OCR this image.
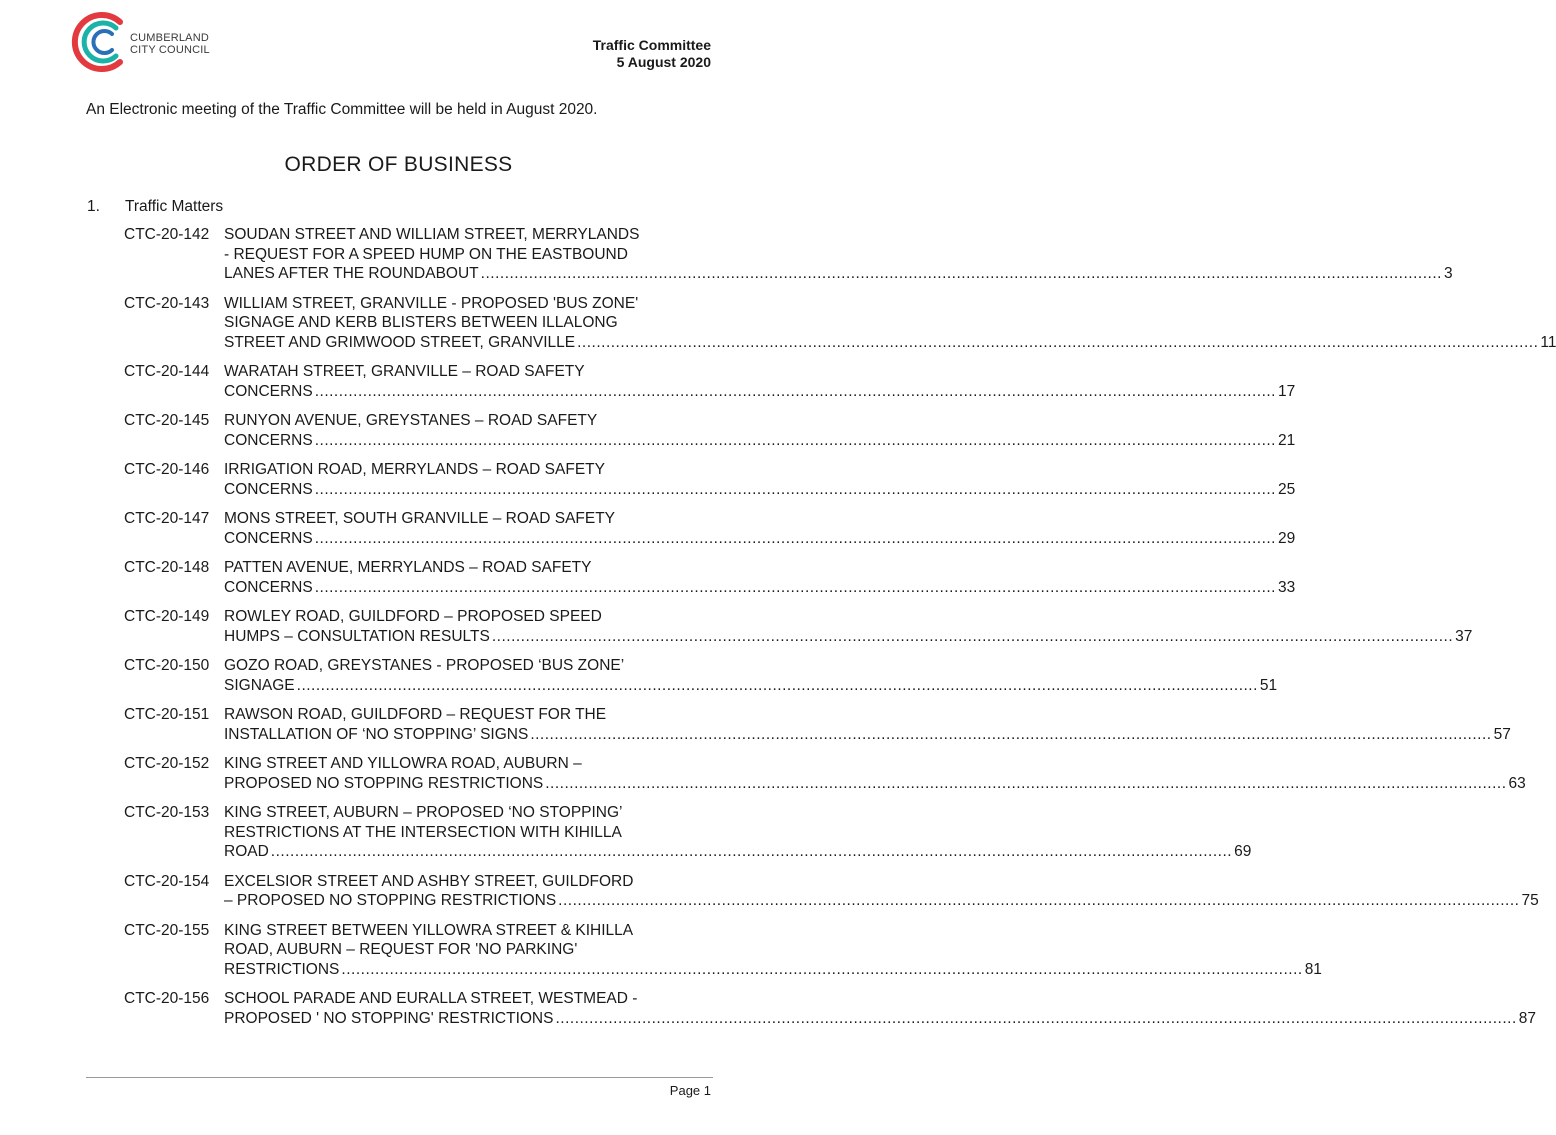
CUMBERLAND
CITY COUNCIL	Traffic Committee
5 August 2020
An Electronic meeting of the Traffic Committee will be held in August 2020.
ORDER OF BUSINESS
1. Traffic Matters
CTC-20-142 SOUDAN STREET AND WILLIAM STREET, MERRYLANDS
- REQUEST FOR A SPEED HUMP ON THE EASTBOUND
LANES AFTER THE ROUNDABOUT ........................................................................................................................................................................................................ 3
CTC-20-143 WILLIAM STREET, GRANVILLE - PROPOSED 'BUS ZONE'
SIGNAGE AND KERB BLISTERS BETWEEN ILLALONG
STREET AND GRIMWOOD STREET, GRANVILLE ........................................................................................................................................................................................................ 11
CTC-20-144 WARATAH STREET, GRANVILLE – ROAD SAFETY
CONCERNS ........................................................................................................................................................................................................ 17
CTC-20-145 RUNYON AVENUE, GREYSTANES – ROAD SAFETY
CONCERNS ........................................................................................................................................................................................................ 21
CTC-20-146 IRRIGATION ROAD, MERRYLANDS – ROAD SAFETY
CONCERNS ........................................................................................................................................................................................................ 25
CTC-20-147 MONS STREET, SOUTH GRANVILLE – ROAD SAFETY
CONCERNS ........................................................................................................................................................................................................ 29
CTC-20-148 PATTEN AVENUE, MERRYLANDS – ROAD SAFETY
CONCERNS ........................................................................................................................................................................................................ 33
CTC-20-149 ROWLEY ROAD, GUILDFORD – PROPOSED SPEED
HUMPS – CONSULTATION RESULTS ........................................................................................................................................................................................................ 37
CTC-20-150 GOZO ROAD, GREYSTANES - PROPOSED ‘BUS ZONE’
SIGNAGE ........................................................................................................................................................................................................ 51
CTC-20-151 RAWSON ROAD, GUILDFORD – REQUEST FOR THE
INSTALLATION OF ‘NO STOPPING’ SIGNS ........................................................................................................................................................................................................ 57
CTC-20-152 KING STREET AND YILLOWRA ROAD, AUBURN –
PROPOSED NO STOPPING RESTRICTIONS ........................................................................................................................................................................................................ 63
CTC-20-153 KING STREET, AUBURN – PROPOSED ‘NO STOPPING’
RESTRICTIONS AT THE INTERSECTION WITH KIHILLA
ROAD ........................................................................................................................................................................................................ 69
CTC-20-154 EXCELSIOR STREET AND ASHBY STREET, GUILDFORD
– PROPOSED NO STOPPING RESTRICTIONS ........................................................................................................................................................................................................ 75
CTC-20-155 KING STREET BETWEEN YILLOWRA STREET & KIHILLA
ROAD, AUBURN – REQUEST FOR 'NO PARKING'
RESTRICTIONS ........................................................................................................................................................................................................ 81
CTC-20-156 SCHOOL PARADE AND EURALLA STREET, WESTMEAD -
PROPOSED ' NO STOPPING' RESTRICTIONS ........................................................................................................................................................................................................ 87
Page 1
